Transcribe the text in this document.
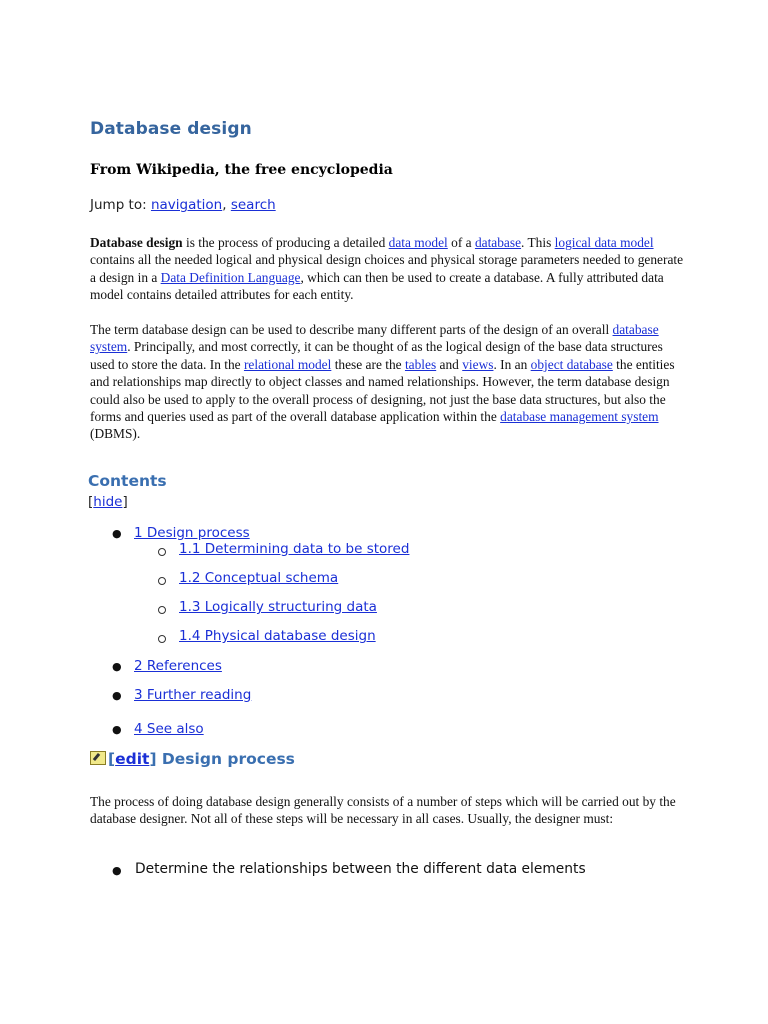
Database design
From Wikipedia, the free encyclopedia
Jump to: navigation, search

Database design is the process of producing a detailed data model of a database. This logical data model contains all the needed logical and physical design choices and physical storage parameters needed to generate a design in a Data Definition Language, which can then be used to create a database. A fully attributed data model contains detailed attributes for each entity.

The term database design can be used to describe many different parts of the design of an overall database system. Principally, and most correctly, it can be thought of as the logical design of the base data structures used to store the data. In the relational model these are the tables and views. In an object database the entities and relationships map directly to object classes and named relationships. However, the term database design could also be used to apply to the overall process of designing, not just the base data structures, but also the forms and queries used as part of the overall database application within the database management system (DBMS).

Contents
[hide]
● 1 Design process
1.1 Determining data to be stored
1.2 Conceptual schema
1.3 Logically structuring data
1.4 Physical database design
● 2 References
● 3 Further reading
● 4 See also
[edit] Design process

The process of doing database design generally consists of a number of steps which will be carried out by the database designer. Not all of these steps will be necessary in all cases. Usually, the designer must:

● Determine the relationships between the different data elements
